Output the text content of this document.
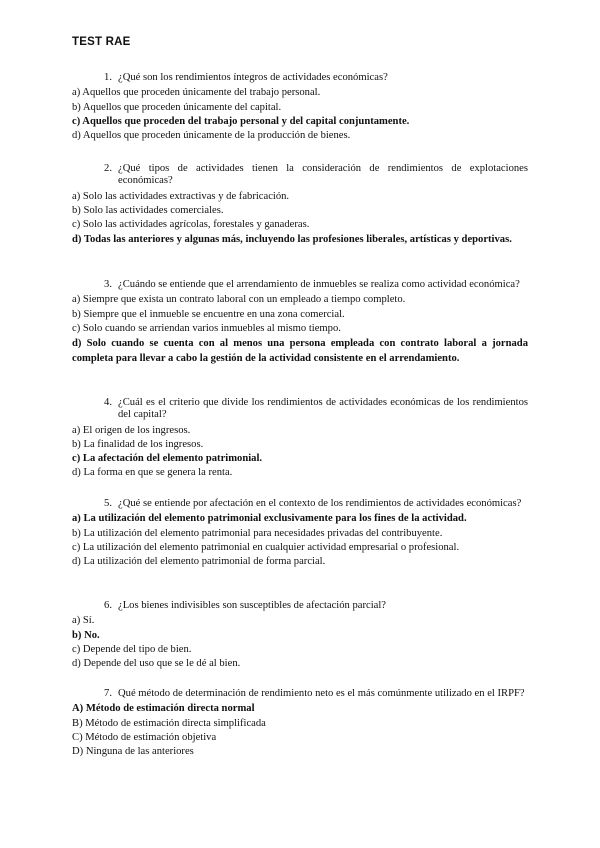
TEST RAE
1. ¿Qué son los rendimientos íntegros de actividades económicas?
a) Aquellos que proceden únicamente del trabajo personal.
b) Aquellos que proceden únicamente del capital.
c) Aquellos que proceden del trabajo personal y del capital conjuntamente.
d) Aquellos que proceden únicamente de la producción de bienes.
2. ¿Qué tipos de actividades tienen la consideración de rendimientos de explotaciones económicas?
a) Solo las actividades extractivas y de fabricación.
b) Solo las actividades comerciales.
c) Solo las actividades agrícolas, forestales y ganaderas.
d) Todas las anteriores y algunas más, incluyendo las profesiones liberales, artísticas y deportivas.
3. ¿Cuándo se entiende que el arrendamiento de inmuebles se realiza como actividad económica?
a) Siempre que exista un contrato laboral con un empleado a tiempo completo.
b) Siempre que el inmueble se encuentre en una zona comercial.
c) Solo cuando se arriendan varios inmuebles al mismo tiempo.
d) Solo cuando se cuenta con al menos una persona empleada con contrato laboral a jornada completa para llevar a cabo la gestión de la actividad consistente en el arrendamiento.
4. ¿Cuál es el criterio que divide los rendimientos de actividades económicas de los rendimientos del capital?
a) El origen de los ingresos.
b) La finalidad de los ingresos.
c) La afectación del elemento patrimonial.
d) La forma en que se genera la renta.
5. ¿Qué se entiende por afectación en el contexto de los rendimientos de actividades económicas?
a) La utilización del elemento patrimonial exclusivamente para los fines de la actividad.
b) La utilización del elemento patrimonial para necesidades privadas del contribuyente.
c) La utilización del elemento patrimonial en cualquier actividad empresarial o profesional.
d) La utilización del elemento patrimonial de forma parcial.
6. ¿Los bienes indivisibles son susceptibles de afectación parcial?
a) Sí.
b) No.
c) Depende del tipo de bien.
d) Depende del uso que se le dé al bien.
7. Qué método de determinación de rendimiento neto es el más comúnmente utilizado en el IRPF?
A) Método de estimación directa normal
B) Método de estimación directa simplificada
C) Método de estimación objetiva
D) Ninguna de las anteriores
